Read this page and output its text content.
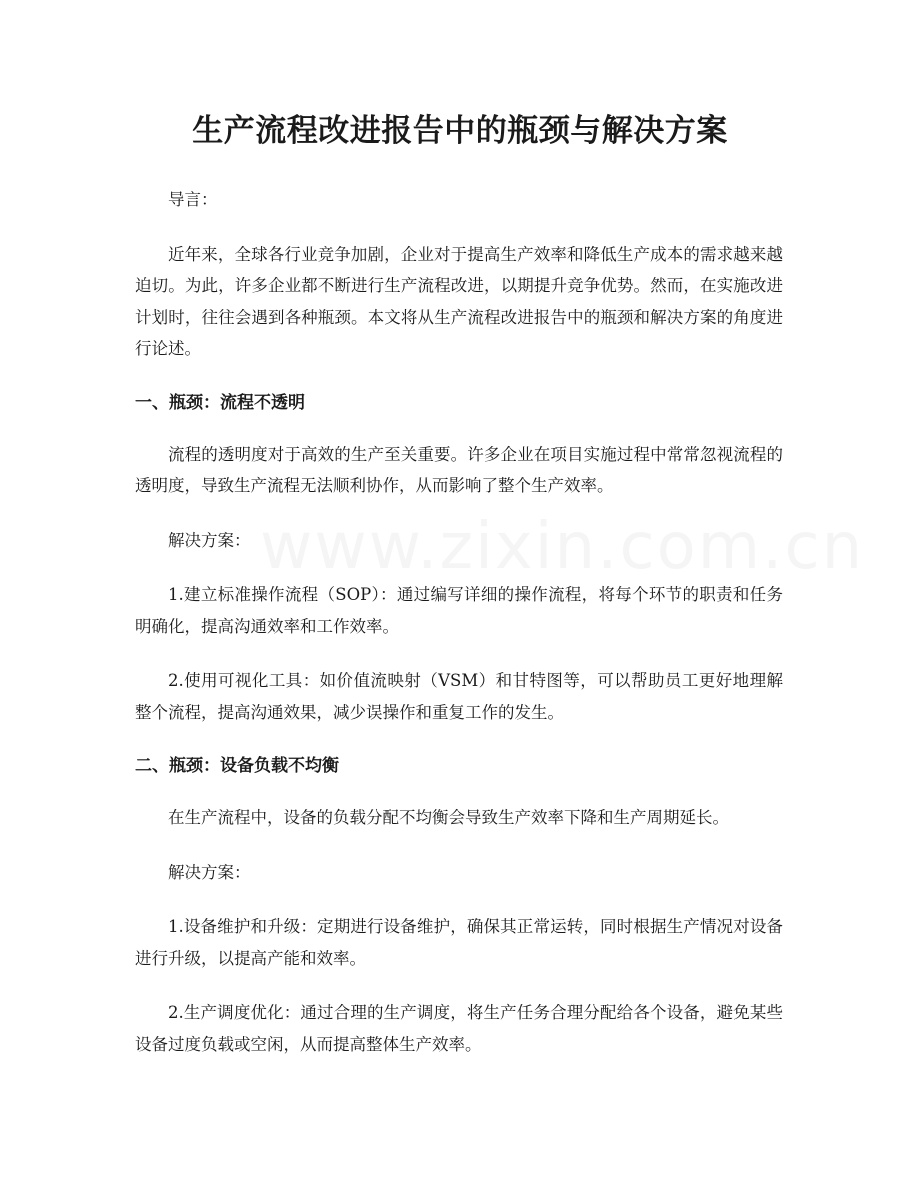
www.zixin.com.cn
生产流程改进报告中的瓶颈与解决方案

导言：

近年来，全球各行业竞争加剧，企业对于提高生产效率和降低生产成本的需求越来越迫切。为此，许多企业都不断进行生产流程改进，以期提升竞争优势。然而，在实施改进计划时，往往会遇到各种瓶颈。本文将从生产流程改进报告中的瓶颈和解决方案的角度进行论述。

一、瓶颈：流程不透明

流程的透明度对于高效的生产至关重要。许多企业在项目实施过程中常常忽视流程的透明度，导致生产流程无法顺利协作，从而影响了整个生产效率。

解决方案：

1.建立标准操作流程（SOP）：通过编写详细的操作流程，将每个环节的职责和任务明确化，提高沟通效率和工作效率。

2.使用可视化工具：如价值流映射（VSM）和甘特图等，可以帮助员工更好地理解整个流程，提高沟通效果，减少误操作和重复工作的发生。

二、瓶颈：设备负载不均衡

在生产流程中，设备的负载分配不均衡会导致生产效率下降和生产周期延长。

解决方案：

1.设备维护和升级：定期进行设备维护，确保其正常运转，同时根据生产情况对设备进行升级，以提高产能和效率。

2.生产调度优化：通过合理的生产调度，将生产任务合理分配给各个设备，避免某些设备过度负载或空闲，从而提高整体生产效率。
